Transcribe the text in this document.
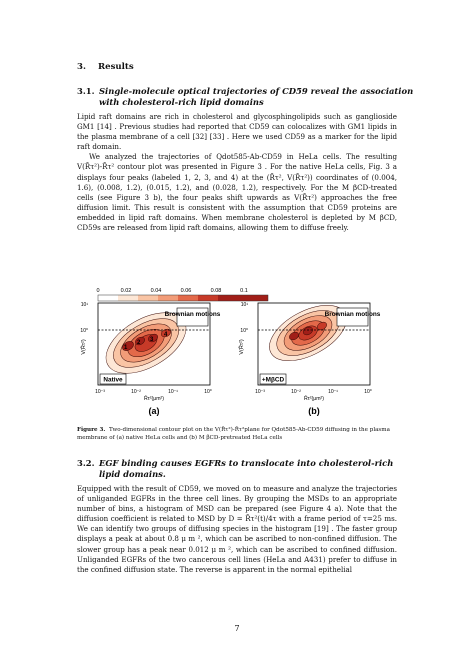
3. Results
3.1. Single-molecule optical trajectories of CD59 reveal the association with cholesterol-rich lipid domains

Lipid raft domains are rich in cholesterol and glycosphingolipids such as ganglioside GM1 [14] . Previous studies had reported that CD59 can colocalizes with GM1 lipids in the plasma membrane of a cell [32] [33] . Here we used CD59 as a marker for the lipid raft domain.

We analyzed the trajectories of Qdot585-Ab-CD59 in HeLa cells. The resulting V(R̄τ²)-R̄τ² contour plot was presented in Figure 3 . For the native HeLa cells, Fig. 3 a displays four peaks (labeled 1, 2, 3, and 4) at the (R̄τ², V(R̄τ²)) coordinates of (0.004, 1.6), (0.008, 1.2), (0.015, 1.2), and (0.028, 1.2), respectively. For the M βCD-treated cells (see Figure 3 b), the four peaks shift upwards as V(R̄τ²) approaches the free diffusion limit. This result is consistent with the assumption that CD59 proteins are embedded in lipid raft domains. When membrane cholesterol is depleted by M βCD, CD59s are released from lipid raft domains, allowing them to diffuse freely.

0	0.02	0.04	0.06	0.08	0.1
1
2 3
4
Brownian motions
Native
(a)
10¹
10⁰
V(R̄τ²)
10⁻³	10⁻²	10⁻¹	10⁰
R̄τ²(μm²)
Brownian motions
+MβCD
(b)
10¹
10⁰
V(R̄τ²)
10⁻³	10⁻²	10⁻¹	10⁰
R̄τ²(μm²)
Figure 3. Two-dimensional contour plot on the V(R̄τ²)-R̄τ²plane for Qdot585-Ab-CD59 diffusing in the plasma membrane of (a) native HeLa cells and (b) M βCD-pretreated HeLa cells
3.2. EGF binding causes EGFRs to translocate into cholesterol-rich lipid domains.

Equipped with the result of CD59, we moved on to measure and analyze the trajectories of unliganded EGFRs in the three cell lines. By grouping the MSDs to an appropriate number of bins, a histogram of MSD can be prepared (see Figure 4 a). Note that the diffusion coefficient is related to MSD by D = R̄τ²(t)/4τ with a frame period of τ=25 ms. We can identify two groups of diffusing species in the histogram [19] . The faster group displays a peak at about 0.8 μ m ², which can be ascribed to non-confined diffusion. The slower group has a peak near 0.012 μ m ², which can be ascribed to confined diffusion. Unliganded EGFRs of the two cancerous cell lines (HeLa and A431) prefer to diffuse in the confined diffusion state. The reverse is apparent in the normal epithelial

7
